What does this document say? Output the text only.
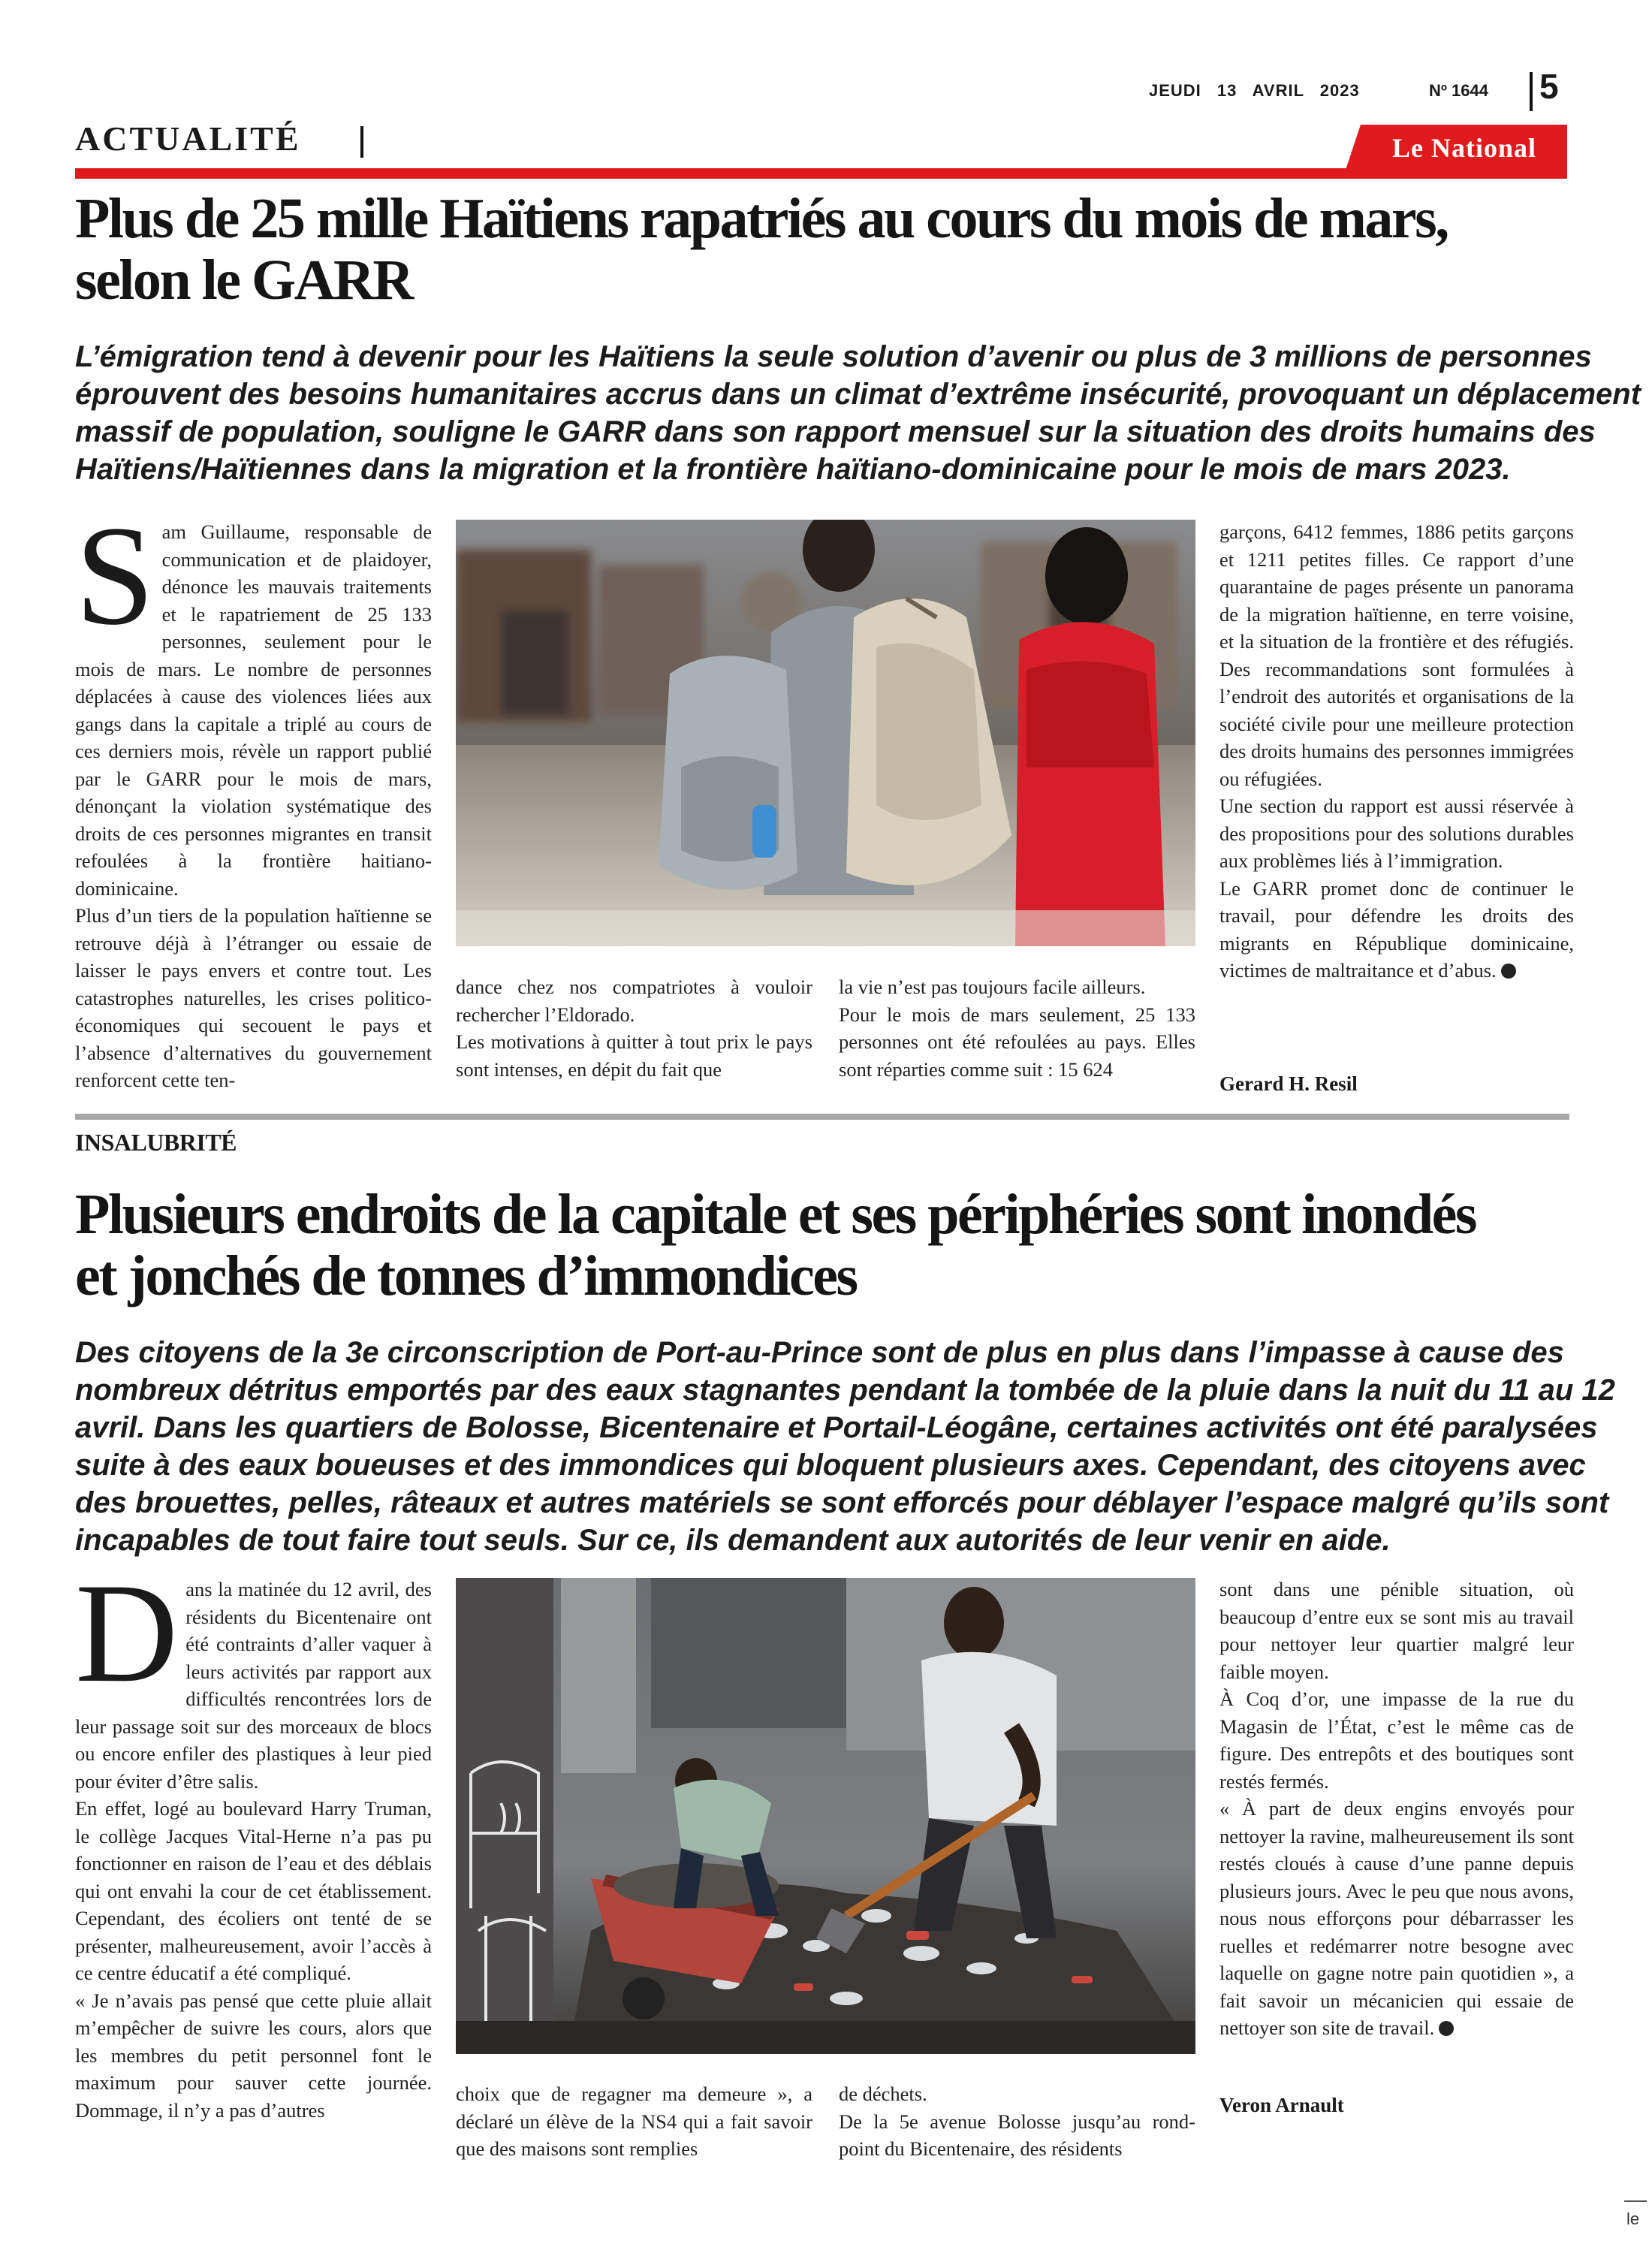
JEUDI 13 AVRIL 2023	Nº 1644 5
ACTUALITÉ	Le National
Plus de 25 mille Haïtiens rapatriés au cours du mois de mars,
selon le GARR
L’émigration tend à devenir pour les Haïtiens la seule solution d’avenir ou plus de 3 millions de personnes
éprouvent des besoins humanitaires accrus dans un climat d’extrême insécurité, provoquant un déplacement
massif de population, souligne le GARR dans son rapport mensuel sur la situation des droits humains des
Haïtiens/Haïtiennes dans la migration et la frontière haïtiano-dominicaine pour le mois de mars 2023.
S am Guillaume, responsable de communication et de plaidoyer, dénonce les mauvais traitements et le rapatriement de 25 133 personnes, seulement pour le mois de mars. Le nombre de personnes déplacées à cause des violences liées aux gangs dans la capitale a triplé au cours de ces derniers mois, révèle un rapport publié par le GARR pour le mois de mars, dénonçant la violation systématique des droits de ces personnes migrantes en transit refoulées à la frontière haitiano-dominicaine.

Plus d’un tiers de la population haïtienne se retrouve déjà à l’étranger ou essaie de laisser le pays envers et contre tout. Les catastrophes naturelles, les crises politico-économiques qui secouent le pays et l’absence d’alternatives du gouvernement renforcent cette ten-

dance chez nos compatriotes à vouloir rechercher l’Eldorado.

Les motivations à quitter à tout prix le pays sont intenses, en dépit du fait que

la vie n’est pas toujours facile ailleurs.

Pour le mois de mars seulement, 25 133 personnes ont été refoulées au pays. Elles sont réparties comme suit : 15 624

garçons, 6412 femmes, 1886 petits garçons et 1211 petites filles. Ce rapport d’une quarantaine de pages présente un panorama de la migration haïtienne, en terre voisine, et la situation de la frontière et des réfugiés. Des recommandations sont formulées à l’endroit des autorités et organisations de la société civile pour une meilleure protection des droits humains des personnes immigrées ou réfugiées.

Une section du rapport est aussi réservée à des propositions pour des solutions durables aux problèmes liés à l’immigration.

Le GARR promet donc de continuer le travail, pour défendre les droits des migrants en République dominicaine, victimes de maltraitance et d’abus.

Gerard H. Resil
INSALUBRITÉ
Plusieurs endroits de la capitale et ses périphéries sont inondés
et jonchés de tonnes d’immondices
Des citoyens de la 3e circonscription de Port-au-Prince sont de plus en plus dans l’impasse à cause des
nombreux détritus emportés par des eaux stagnantes pendant la tombée de la pluie dans la nuit du 11 au 12
avril. Dans les quartiers de Bolosse, Bicentenaire et Portail-Léogâne, certaines activités ont été paralysées
suite à des eaux boueuses et des immondices qui bloquent plusieurs axes. Cependant, des citoyens avec
des brouettes, pelles, râteaux et autres matériels se sont efforcés pour déblayer l’espace malgré qu’ils sont
incapables de tout faire tout seuls. Sur ce, ils demandent aux autorités de leur venir en aide.
D ans la matinée du 12 avril, des résidents du Bicentenaire ont été contraints d’aller vaquer à leurs activités par rapport aux difficultés rencontrées lors de leur passage soit sur des morceaux de blocs ou encore enfiler des plastiques à leur pied pour éviter d’être salis.

En effet, logé au boulevard Harry Truman, le collège Jacques Vital-Herne n’a pas pu fonctionner en raison de l’eau et des déblais qui ont envahi la cour de cet établissement. Cependant, des écoliers ont tenté de se présenter, malheureusement, avoir l’accès à ce centre éducatif a été compliqué.

« Je n’avais pas pensé que cette pluie allait m’empêcher de suivre les cours, alors que les membres du petit personnel font le maximum pour sauver cette journée. Dommage, il n’y a pas d’autres

choix que de regagner ma demeure », a déclaré un élève de la NS4 qui a fait savoir que des maisons sont remplies

de déchets.

De la 5e avenue Bolosse jusqu’au rond-point du Bicentenaire, des résidents

sont dans une pénible situation, où beaucoup d’entre eux se sont mis au travail pour nettoyer leur quartier malgré leur faible moyen.

À Coq d’or, une impasse de la rue du Magasin de l’État, c’est le même cas de figure. Des entrepôts et des boutiques sont restés fermés.

« À part de deux engins envoyés pour nettoyer la ravine, malheureusement ils sont restés cloués à cause d’une panne depuis plusieurs jours. Avec le peu que nous avons, nous nous efforçons pour débarrasser les ruelles et redémarrer notre besogne avec laquelle on gagne notre pain quotidien », a fait savoir un mécanicien qui essaie de nettoyer son site de travail.

Veron Arnault
le
